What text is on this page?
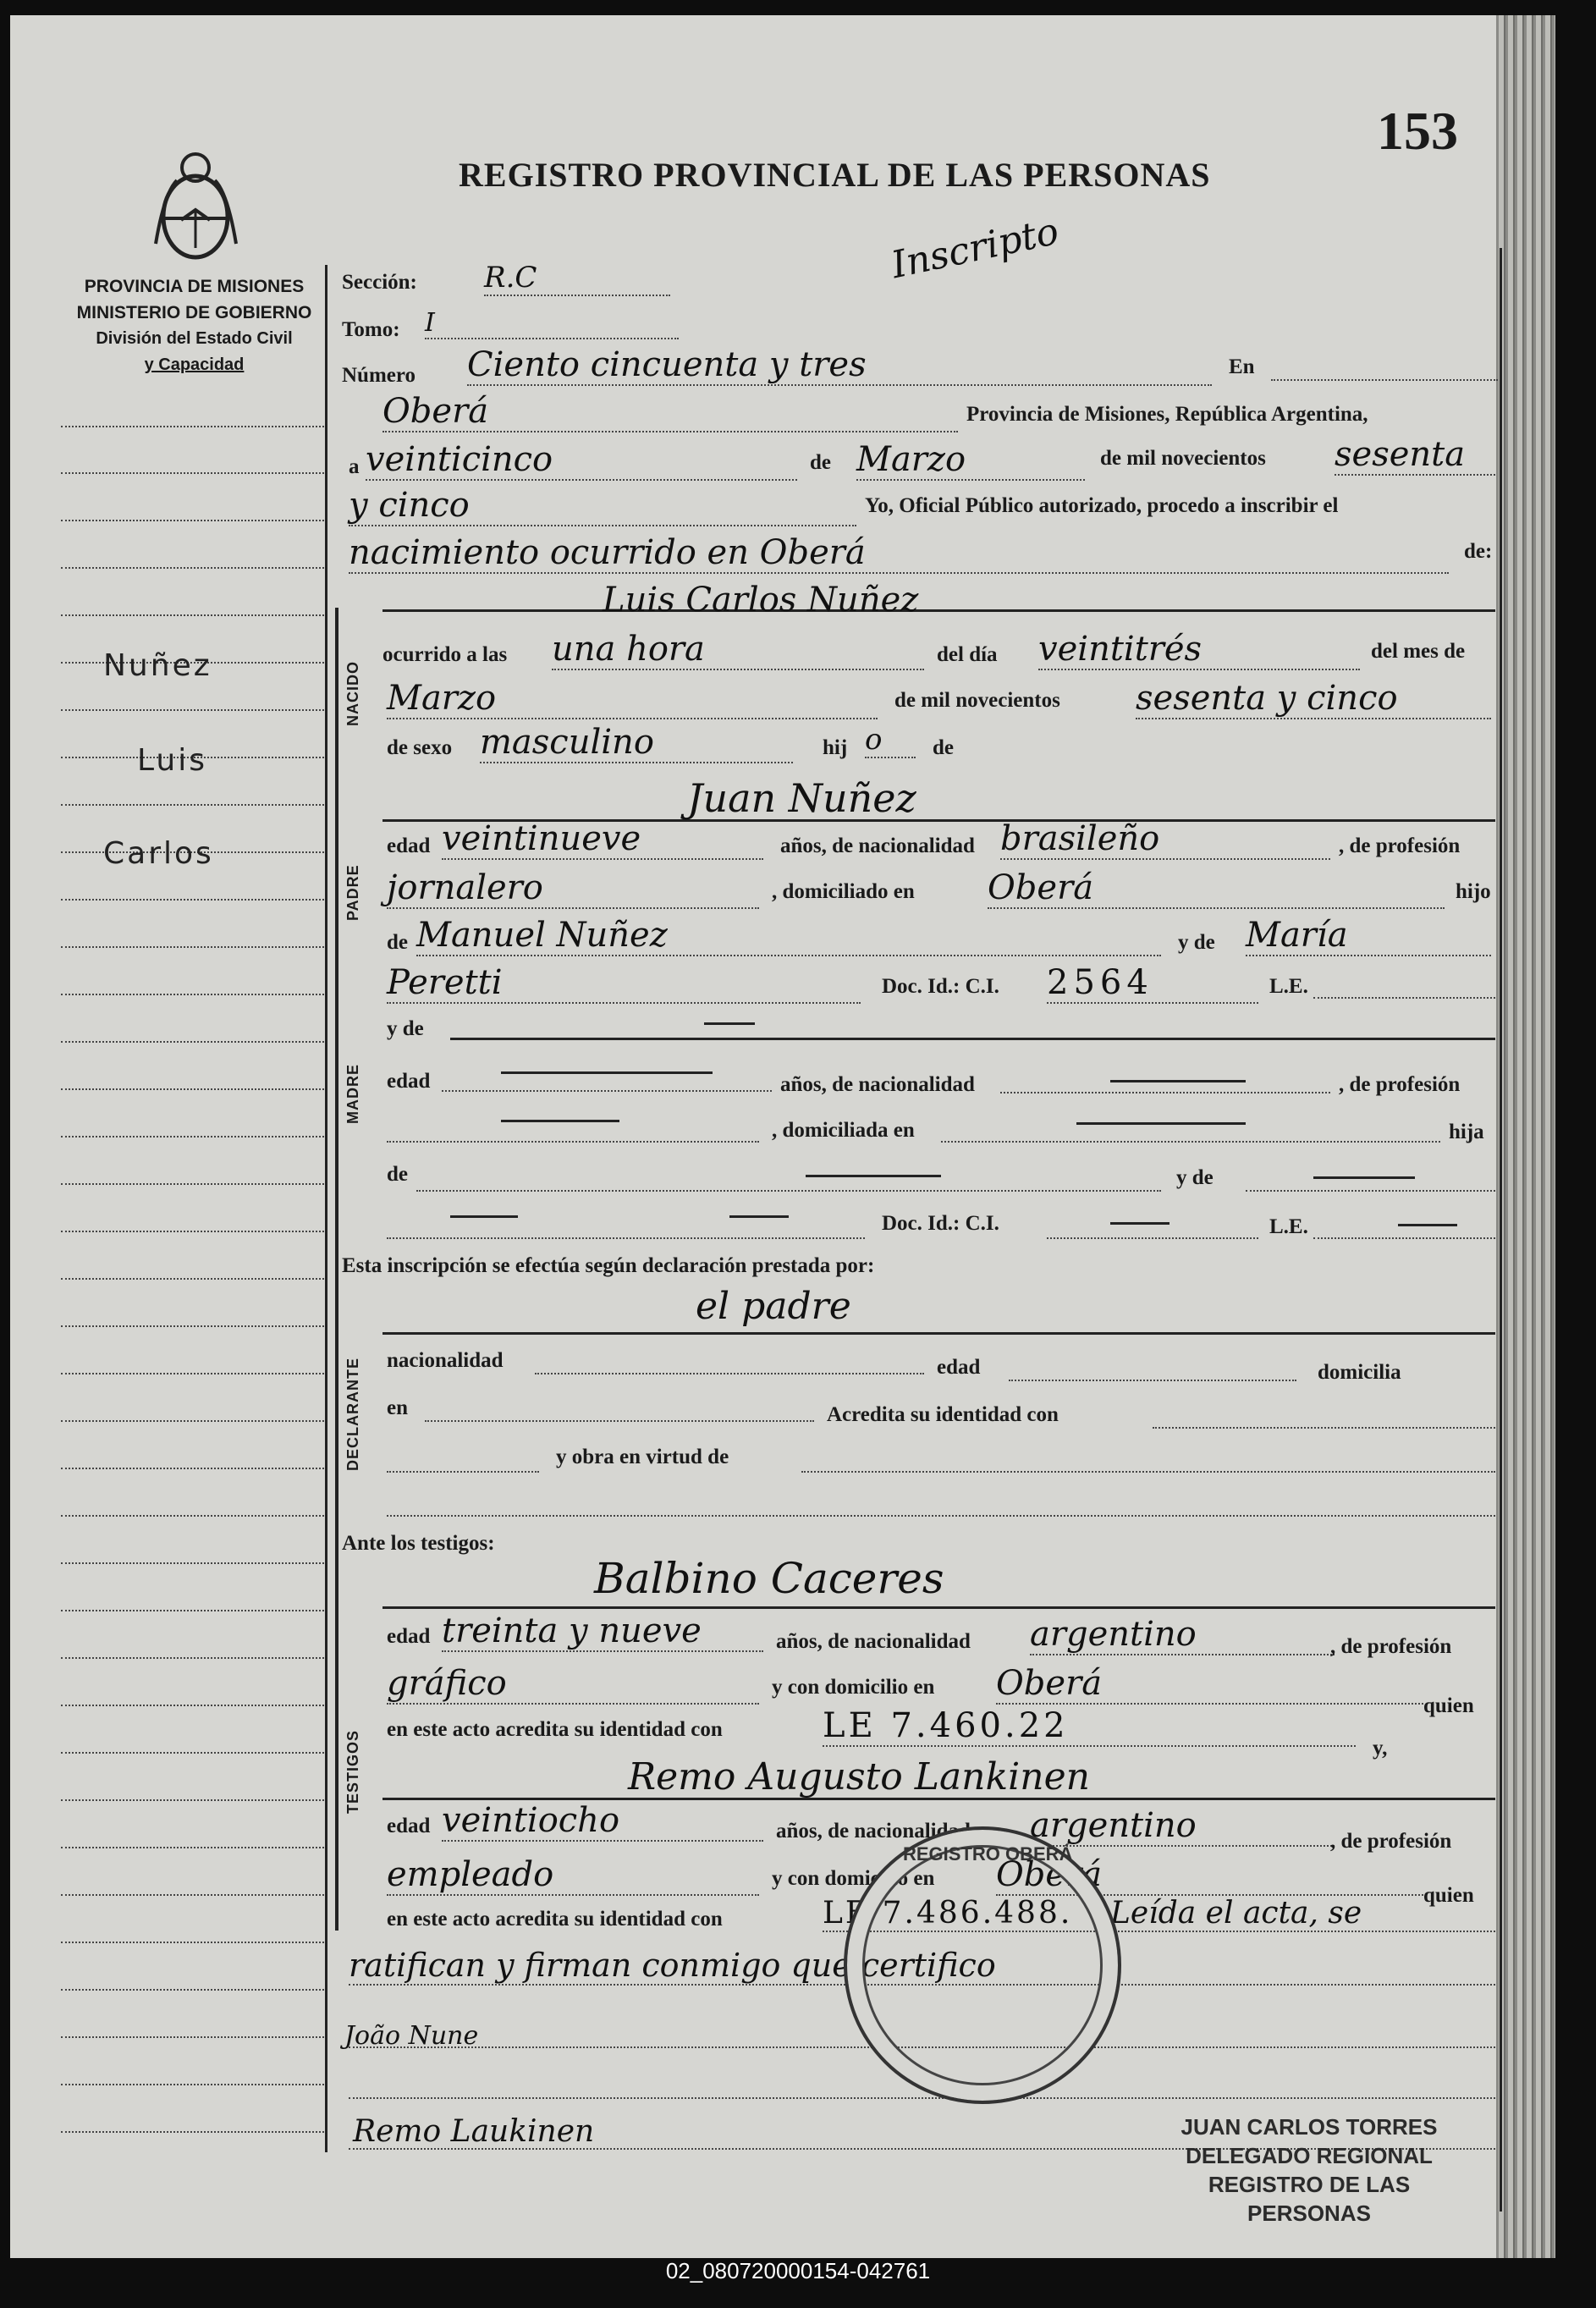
153
REGISTRO PROVINCIAL DE LAS PERSONAS
Inscripto
PROVINCIA DE MISIONES
MINISTERIO DE GOBIERNO
División del Estado Civil
y Capacidad
Nuñez
Luis
Carlos
Sección: R.C
Tomo: I
Número Ciento cincuenta y tres	En
Oberá	Provincia de Misiones, República Argentina,
a veinticinco	de Marzo	de mil novecientos sesenta
y cinco	Yo, Oficial Público autorizado, procedo a inscribir el
nacimiento ocurrido en Oberá	de:
NACIDO
Luis Carlos Nuñez
ocurrido a las una hora	del día veintitrés	del mes de
Marzo	de mil novecientos sesenta y cinco
de sexo masculino	hij o	de
PADRE
Juan Nuñez
edad veintinueve	años, de nacionalidad brasileño	, de profesión
jornalero	, domiciliado en Oberá	hijo
de Manuel Nuñez	y de María
Peretti	Doc. Id.: C.I. 2564	L.E.
MADRE
y de
edad	años, de nacionalidad	, de profesión
, domiciliada en	hija
de	y de
Doc. Id.: C.I.	L.E.
Esta inscripción se efectúa según declaración prestada por:
DECLARANTE
el padre
nacionalidad	edad	domicilia
en	Acredita su identidad con
y obra en virtud de
Ante los testigos:
TESTIGOS
Balbino Caceres
edad treinta y nueve	años, de nacionalidad argentino	, de profesión
gráfico	y con domicilio en Oberá
quien
en este acto acredita su identidad con	LE 7.460.22
y,
Remo Augusto Lankinen
edad veintiocho	años, de nacionalidad argentino	, de profesión
empleado	y con domicilio en Oberá
quien
en este acto acredita su identidad con	LE 7.486.488.	Leída el acta, se
ratifican y firman conmigo que certifico
João Nune
Remo Laukinen
REGISTRO OBERÁ
JUAN CARLOS TORRES
DELEGADO REGIONAL
REGISTRO DE LAS PERSONAS
02_080720000154-042761
